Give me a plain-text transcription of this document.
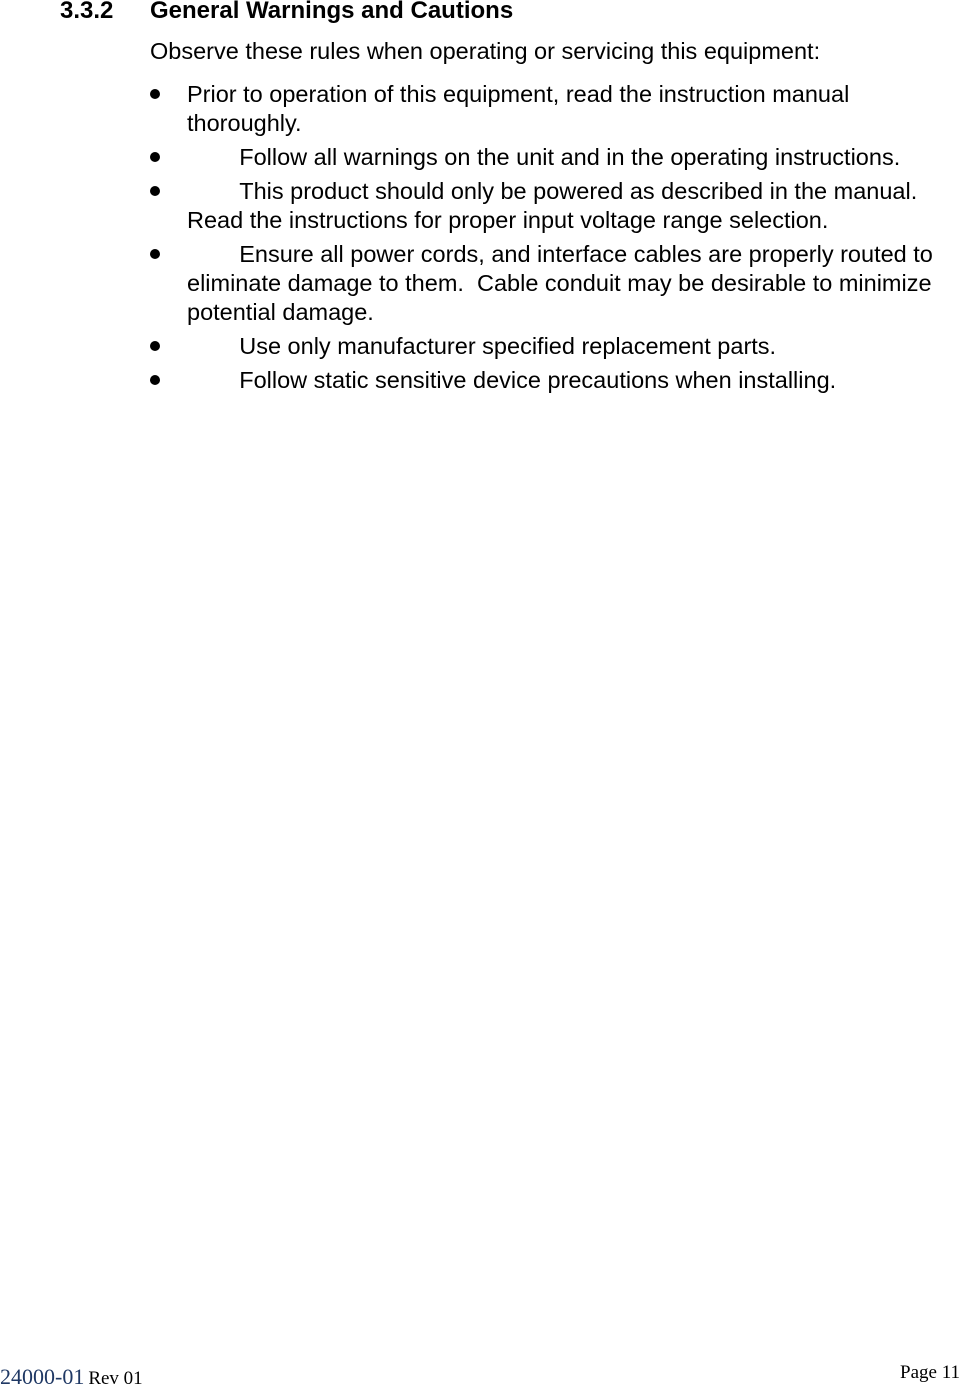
3.3.2 General Warnings and Cautions
Observe these rules when operating or servicing this equipment:
Prior to operation of this equipment, read the instruction manual thoroughly.
Follow all warnings on the unit and in the operating instructions.
This product should only be powered as described in the manual. Read the instructions for proper input voltage range selection.
Ensure all power cords, and interface cables are properly routed to eliminate damage to them.  Cable conduit may be desirable to minimize potential damage.
Use only manufacturer specified replacement parts.
Follow static sensitive device precautions when installing.
24000-01 Rev 01	Page 11
